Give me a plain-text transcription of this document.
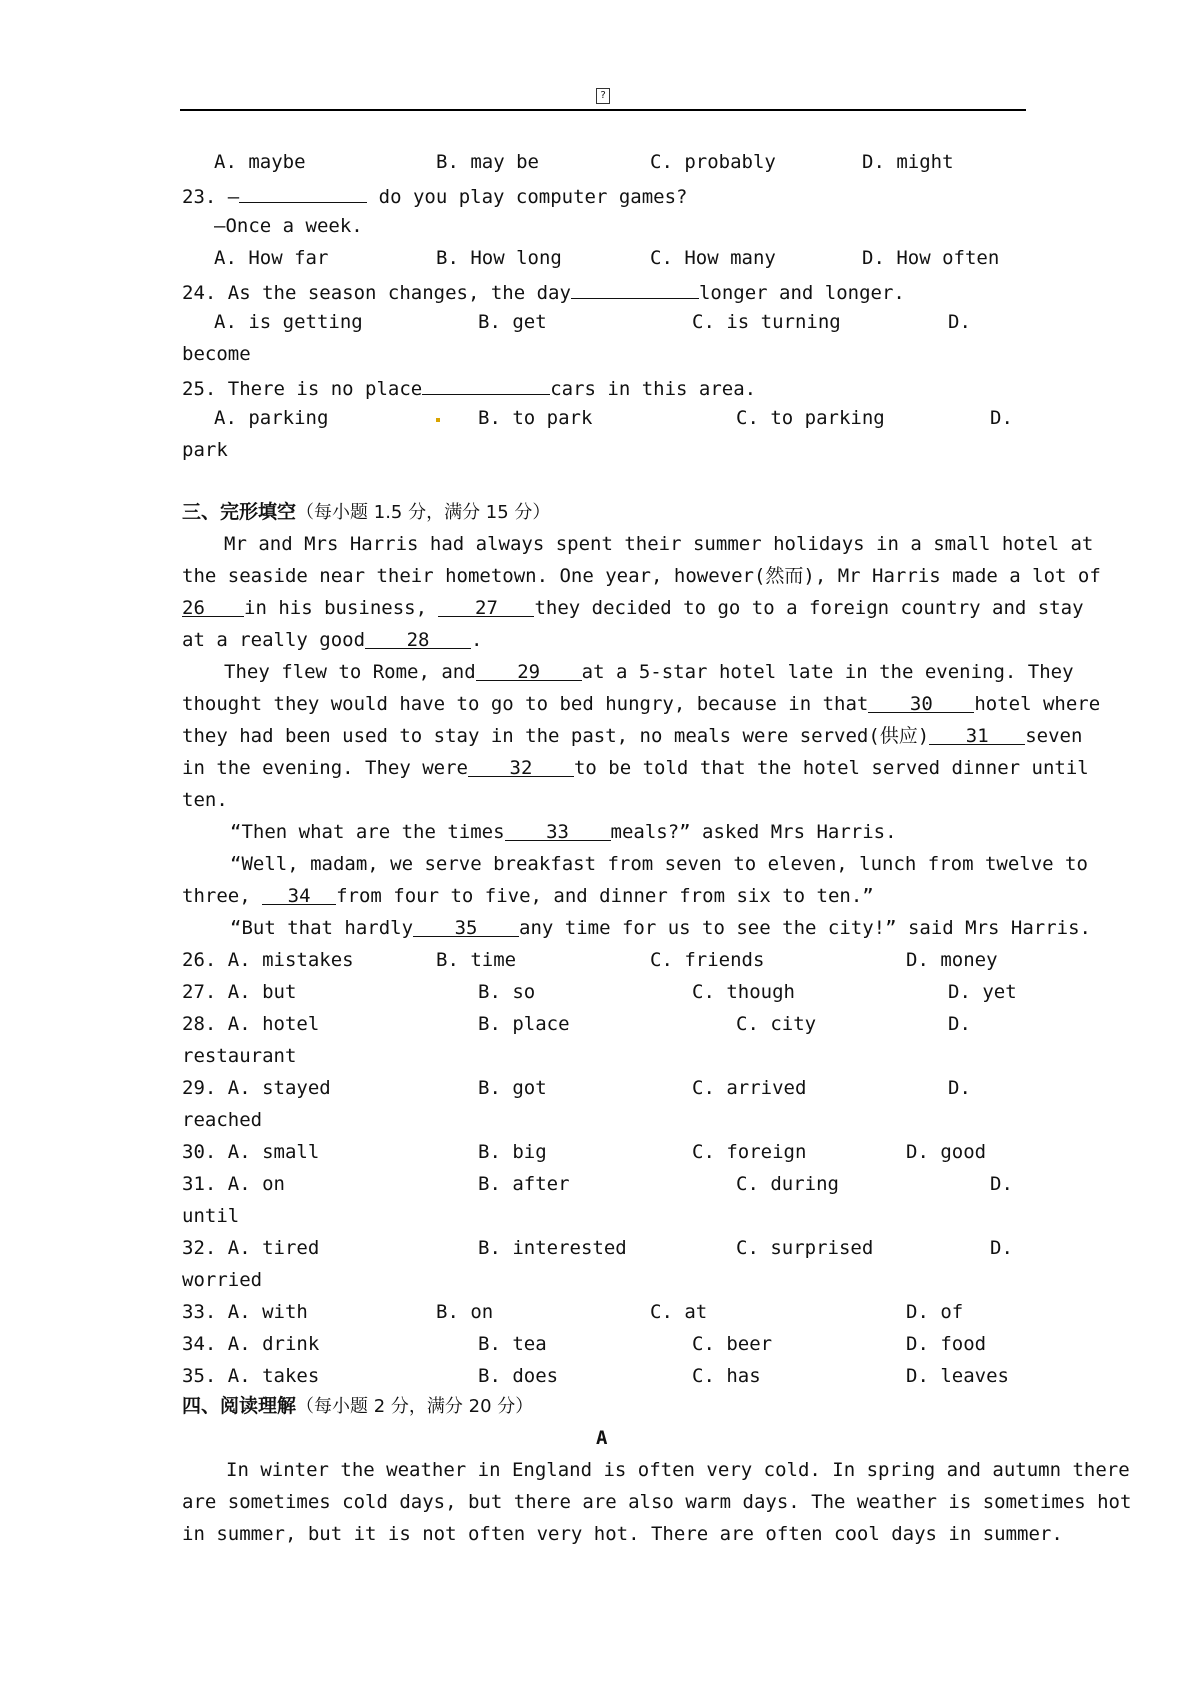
?
A. maybe	B. may be	C. probably	D. might
23. —	do you play computer games?
—Once a week.
A. How far	B. How long	C. How many	D. How often
24. As the season changes, the day	longer and longer.
A. is getting	B. get	C. is turning	D.
become
25. There is no place	cars in this area.
A. parking	B. to park	C. to parking	D.
park
三、完形填空（每小题 1.5 分，满分 15 分）
Mr and Mrs Harris had always spent their summer holidays in a small hotel at
the seaside near their hometown. One year, however(然而), Mr Harris made a lot of
26 in his business, 27 they decided to go to a foreign country and stay
at a really good 28 .
They flew to Rome, and 29 at a 5-star hotel late in the evening. They
thought they would have to go to bed hungry, because in that 30 hotel where
they had been used to stay in the past, no meals were served(供应) 31 seven
in the evening. They were 32 to be told that the hotel served dinner until
ten.
“Then what are the times 33 meals?” asked Mrs Harris.
“Well, madam, we serve breakfast from seven to eleven, lunch from twelve to
three, 34 from four to five, and dinner from six to ten.”
“But that hardly 35 any time for us to see the city!” said Mrs Harris.
26. A. mistakes	B. time	C. friends	D. money
27. A. but	B. so	C. though	D. yet
28. A. hotel	B. place	C. city	D.
restaurant
29. A. stayed	B. got	C. arrived	D.
reached
30. A. small	B. big	C. foreign	D. good
31. A. on	B. after	C. during	D.
until
32. A. tired	B. interested	C. surprised	D.
worried
33. A. with	B. on	C. at	D. of
34. A. drink	B. tea	C. beer	D. food
35. A. takes	B. does	C. has	D. leaves
四、阅读理解（每小题 2 分，满分 20 分）
A
In winter the weather in England is often very cold. In spring and autumn there
are sometimes cold days, but there are also warm days. The weather is sometimes hot
in summer, but it is not often very hot. There are often cool days in summer.
